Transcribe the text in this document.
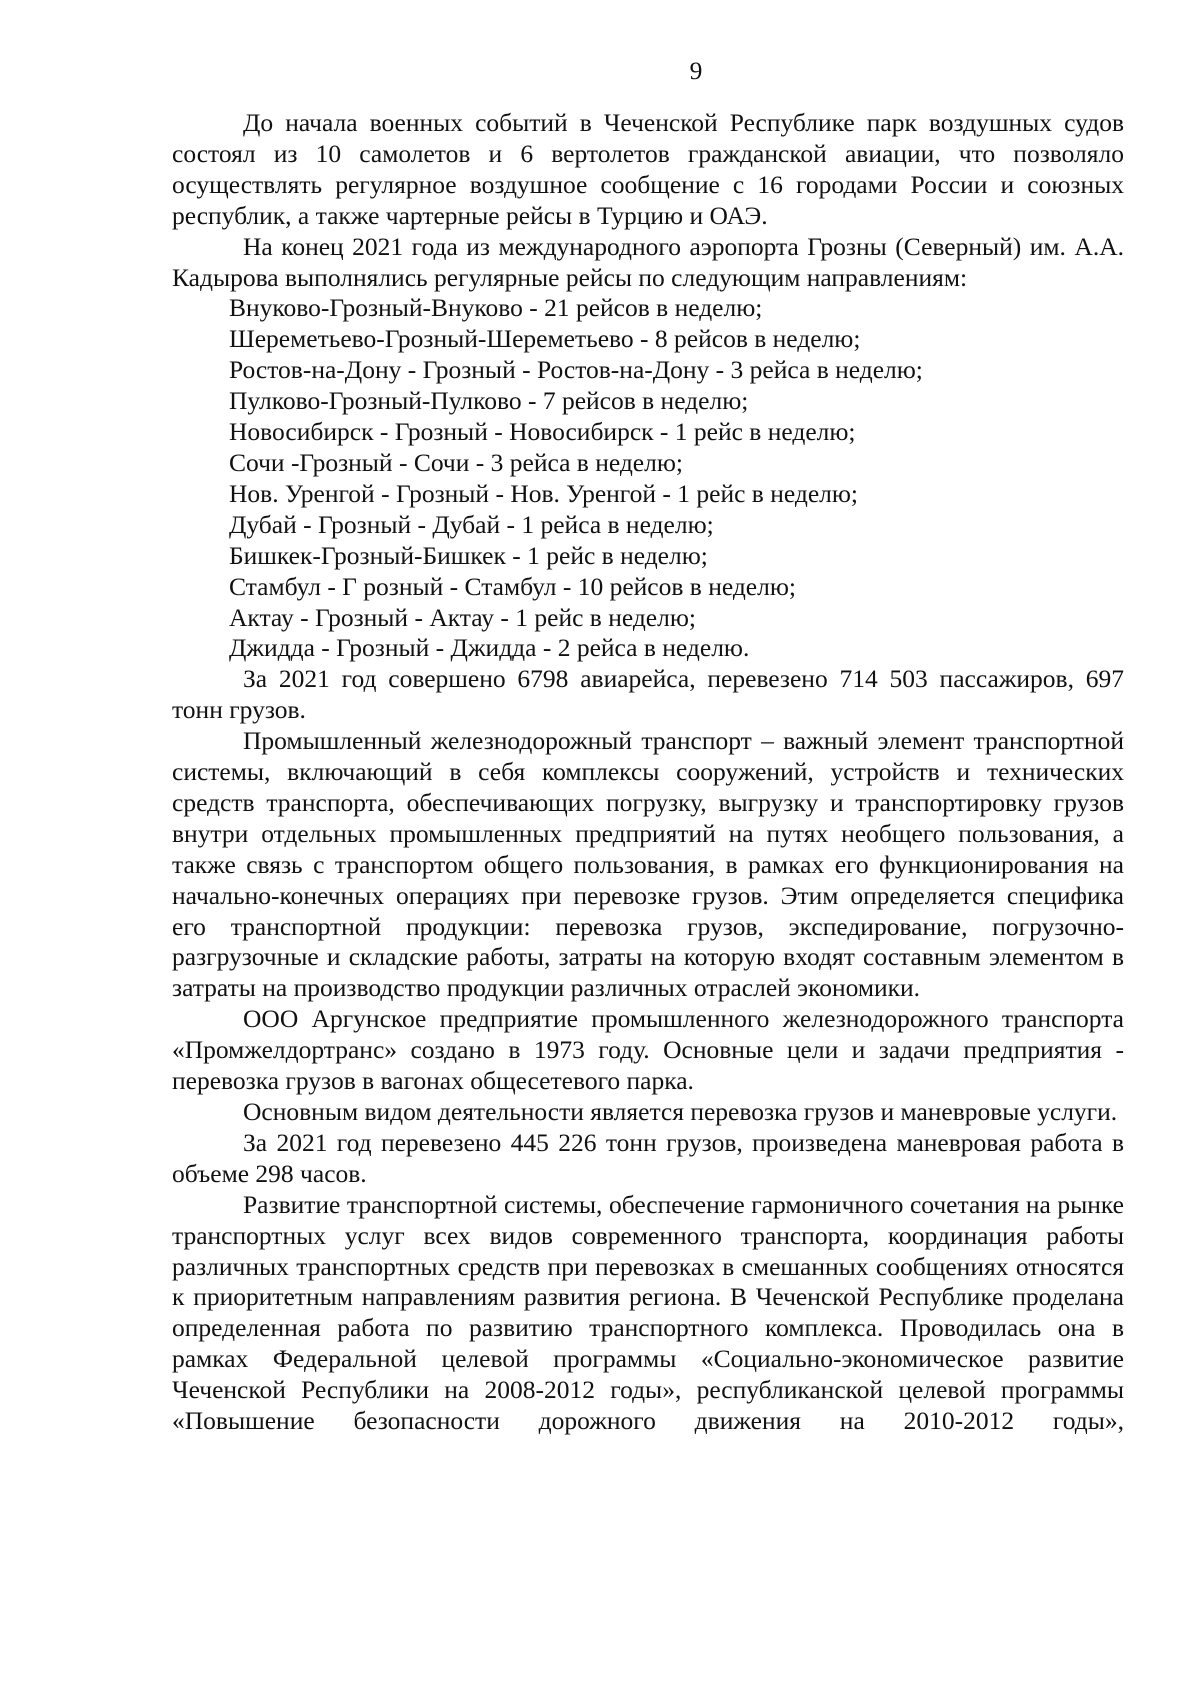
9

До начала военных событий в Чеченской Республике парк воздушных судов состоял из 10 самолетов и 6 вертолетов гражданской авиации, что позволяло осуществлять регулярное воздушное сообщение с 16 городами России и союзных республик, а также чартерные рейсы в Турцию и ОАЭ.

На конец 2021 года из международного аэропорта Грозны (Северный) им. А.А. Кадырова выполнялись регулярные рейсы по следующим направлениям:

Внуково-Грозный-Внуково - 21 рейсов в неделю;
Шереметьево-Грозный-Шереметьево - 8 рейсов в неделю;
Ростов-на-Дону - Грозный - Ростов-на-Дону - 3 рейса в неделю;
Пулково-Грозный-Пулково - 7 рейсов в неделю;
Новосибирск - Грозный - Новосибирск - 1 рейс в неделю;
Сочи -Грозный - Сочи - 3 рейса в неделю;
Нов. Уренгой - Грозный - Нов. Уренгой - 1 рейс в неделю;
Дубай - Грозный - Дубай - 1 рейса в неделю;
Бишкек-Грозный-Бишкек - 1 рейс в неделю;
Стамбул - Г розный - Стамбул - 10 рейсов в неделю;
Актау - Грозный - Актау - 1 рейс в неделю;
Джидда - Грозный - Джидда - 2 рейса в неделю.

За 2021 год совершено 6798 авиарейса, перевезено 714 503 пассажиров, 697 тонн грузов.

Промышленный железнодорожный транспорт – важный элемент транспортной системы, включающий в себя комплексы сооружений, устройств и технических средств транспорта, обеспечивающих погрузку, выгрузку и транспортировку грузов внутри отдельных промышленных предприятий на путях необщего пользования, а также связь с транспортом общего пользования, в рамках его функционирования на начально-конечных операциях при перевозке грузов. Этим определяется специфика его транспортной продукции: перевозка грузов, экспедирование, погрузочно-разгрузочные и складские работы, затраты на которую входят составным элементом в затраты на производство продукции различных отраслей экономики.

ООО Аргунское предприятие промышленного железнодорожного транспорта «Промжелдортранс» создано в 1973 году. Основные цели и задачи предприятия - перевозка грузов в вагонах общесетевого парка.

Основным видом деятельности является перевозка грузов и маневровые услуги.

За 2021 год перевезено 445 226 тонн грузов, произведена маневровая работа в объеме 298 часов.

Развитие транспортной системы, обеспечение гармоничного сочетания на рынке транспортных услуг всех видов современного транспорта, координация работы различных транспортных средств при перевозках в смешанных сообщениях относятся к приоритетным направлениям развития региона. В Чеченской Республике проделана определенная работа по развитию транспортного комплекса. Проводилась она в рамках Федеральной целевой программы «Социально-экономическое развитие Чеченской Республики на 2008-2012 годы», республиканской целевой программы «Повышение безопасности дорожного движения на 2010-2012 годы»,
